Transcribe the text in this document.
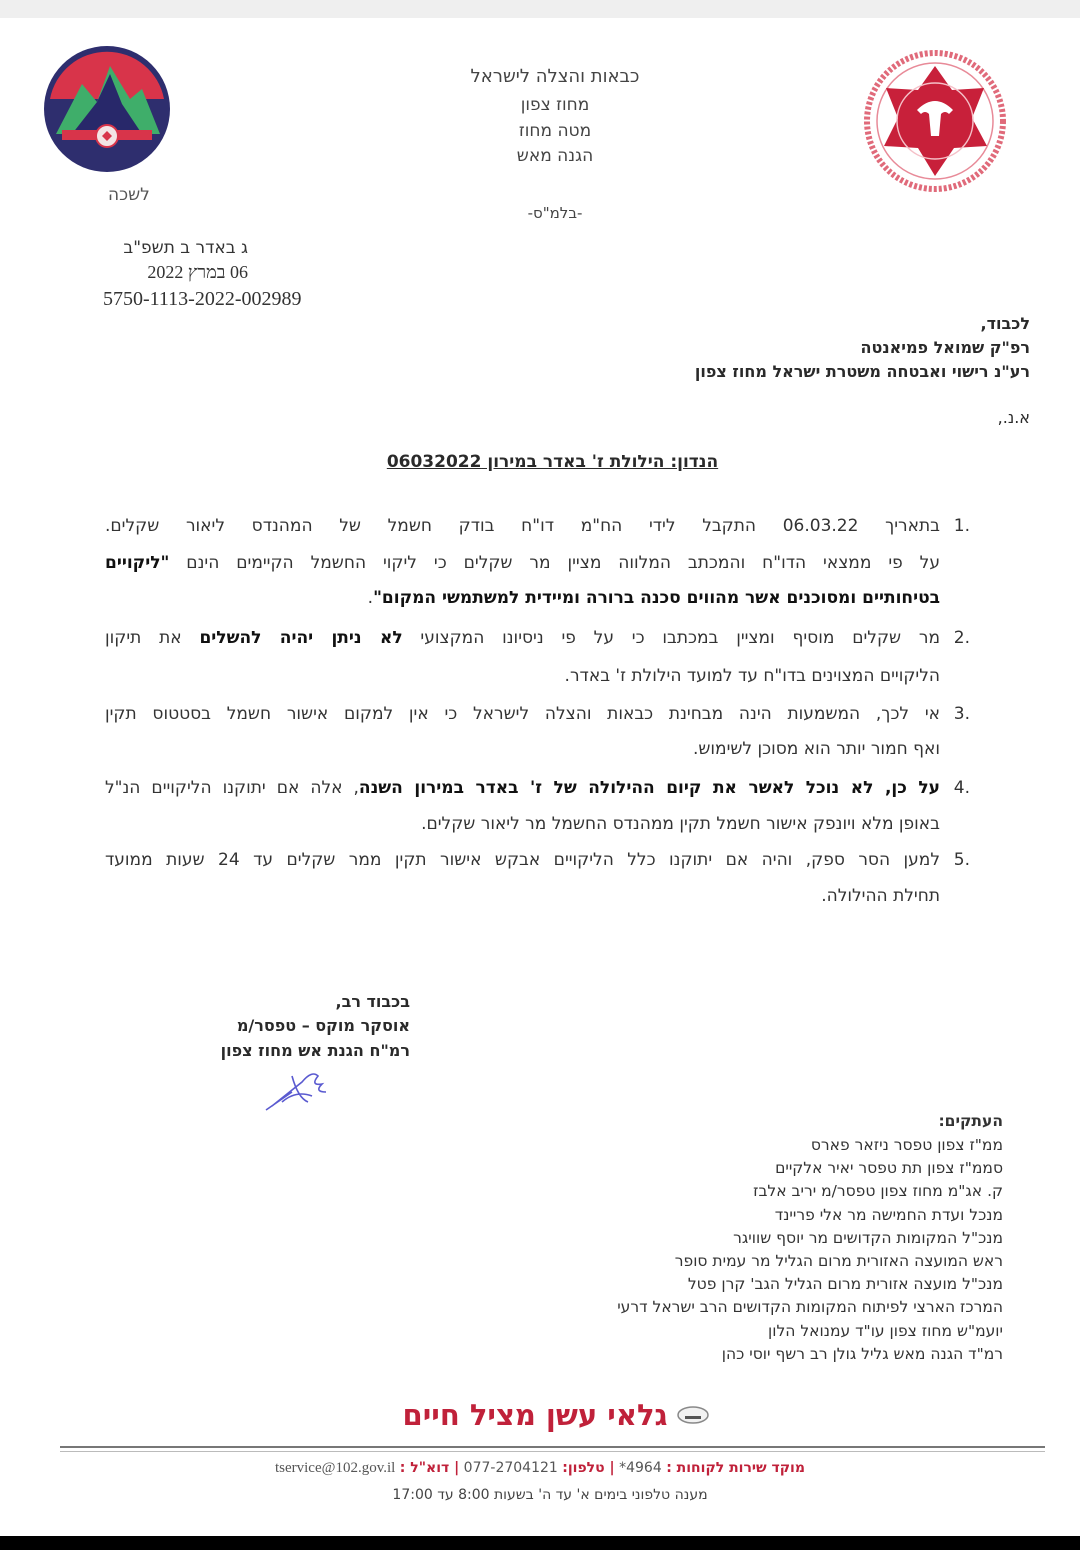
לשכה
כבאות והצלה לישראל
מחוז צפון
מטה מחוז
הגנה מאש
-בלמ"ס-
ג באדר ב תשפ"ב
06 במרץ 2022
5750-1113-2022-002989
לכבוד,
רפ"ק שמואל פמיאנטה
רע"נ רישוי ואבטחה משטרת ישראל מחוז צפון
א.נ.,
הנדון: הילולת ז' באדר במירון 06032022
1.
בתאריך 06.03.22 התקבל לידי הח"מ דו"ח בודק חשמל של המהנדס ליאור שקלים.
על פי ממצאי הדו"ח והמכתב המלווה מציין מר שקלים כי ליקוי החשמל הקיימים הינם "ליקויים
בטיחותיים ומסוכנים אשר מהווים סכנה ברורה ומיידית למשתמשי המקום".
2.
מר שקלים מוסיף ומציין במכתבו כי על פי ניסיונו המקצועי לא ניתן יהיה להשלים את תיקון
הליקויים המצוינים בדו"ח עד למועד הילולת ז' באדר.
3.
אי לכך, המשמעות הינה מבחינת כבאות והצלה לישראל כי אין למקום אישור חשמל בסטטוס תקין
ואף חמור יותר הוא מסוכן לשימוש.
4.
על כן, לא נוכל לאשר את קיום ההילולה של ז' באדר במירון השנה, אלה אם יתוקנו הליקויים הנ"ל
באופן מלא ויונפק אישור חשמל תקין ממהנדס החשמל מר ליאור שקלים.
5.
למען הסר ספק, והיה אם יתוקנו כלל הליקויים אבקש אישור תקין ממר שקלים עד 24 שעות ממועד
תחילת ההילולה.
בכבוד רב,
אוסקר מוקס – טפסר/מ
רמ"ח הגנת אש מחוז צפון
העתקים:
ממ"ז צפון טפסר ניזאר פארס
סממ"ז צפון תת טפסר יאיר אלקיים
ק. אג"מ מחוז צפון טפסר/מ יריב אלבז
מנכל ועדת החמישה מר אלי פריינד
מנכ"ל המקומות הקדושים מר יוסף שוויגר
ראש המועצה האזורית מרום הגליל מר עמית סופר
מנכ"ל מועצה אזורית מרום הגליל הגב' קרן פטל
המרכז הארצי לפיתוח המקומות הקדושים הרב ישראל דרעי
יועמ"ש מחוז צפון עו"ד עמנואל הלון
רמ"ד הגנה מאש גליל גולן רב רשף יוסי כהן
גלאי עשן מציל חיים
מוקד שירות לקוחות : 4964* | טלפון: 077-2704121 | דוא"ל : tservice@102.gov.il
מענה טלפוני בימים א' עד ה' בשעות 8:00 עד 17:00
